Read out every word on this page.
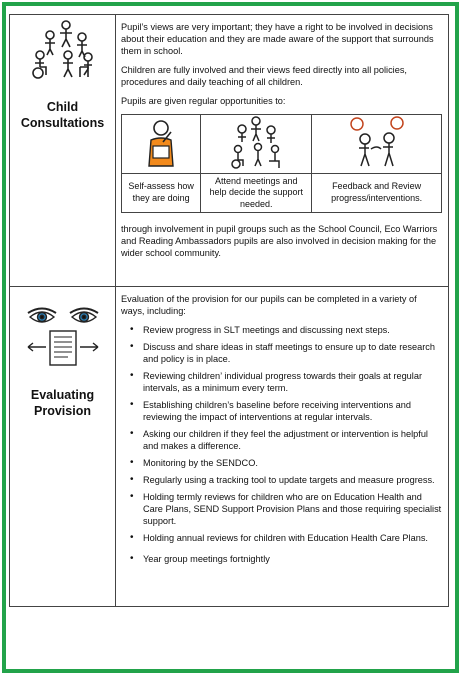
Child
Consultations

Pupil’s views are very important; they have a right to be involved in decisions about their education and they are made aware of the support that surrounds them in school.

Children are fully involved and their views feed directly into all policies, procedures and daily teaching of all children.

Pupils are given regular opportunities to:

Self-assess how they are doing	Attend meetings and help decide the support needed.	Feedback and Review progress/interventions.

through involvement in pupil groups such as the School Council, Eco Warriors and Reading Ambassadors pupils are also involved in decision making for the wider school community.

Evaluating
Provision

Evaluation of the provision for our pupils can be completed in a variety of ways, including:

• Review progress in SLT meetings and discussing next steps.
• Discuss and share ideas in staff meetings to ensure up to date research and policy is in place.
• Reviewing children’ individual progress towards their goals at regular intervals, as a minimum every term.
• Establishing children’s baseline before receiving interventions and reviewing the impact of interventions at regular intervals.
• Asking our children if they feel the adjustment or intervention is helpful and makes a difference.
• Monitoring by the SENDCO.
• Regularly using a tracking tool to update targets and measure progress.
• Holding termly reviews for children who are on Education Health and Care Plans, SEND Support Provision Plans and those requiring specialist support.
• Holding annual reviews for children with Education Health Care Plans.
• Year group meetings fortnightly
